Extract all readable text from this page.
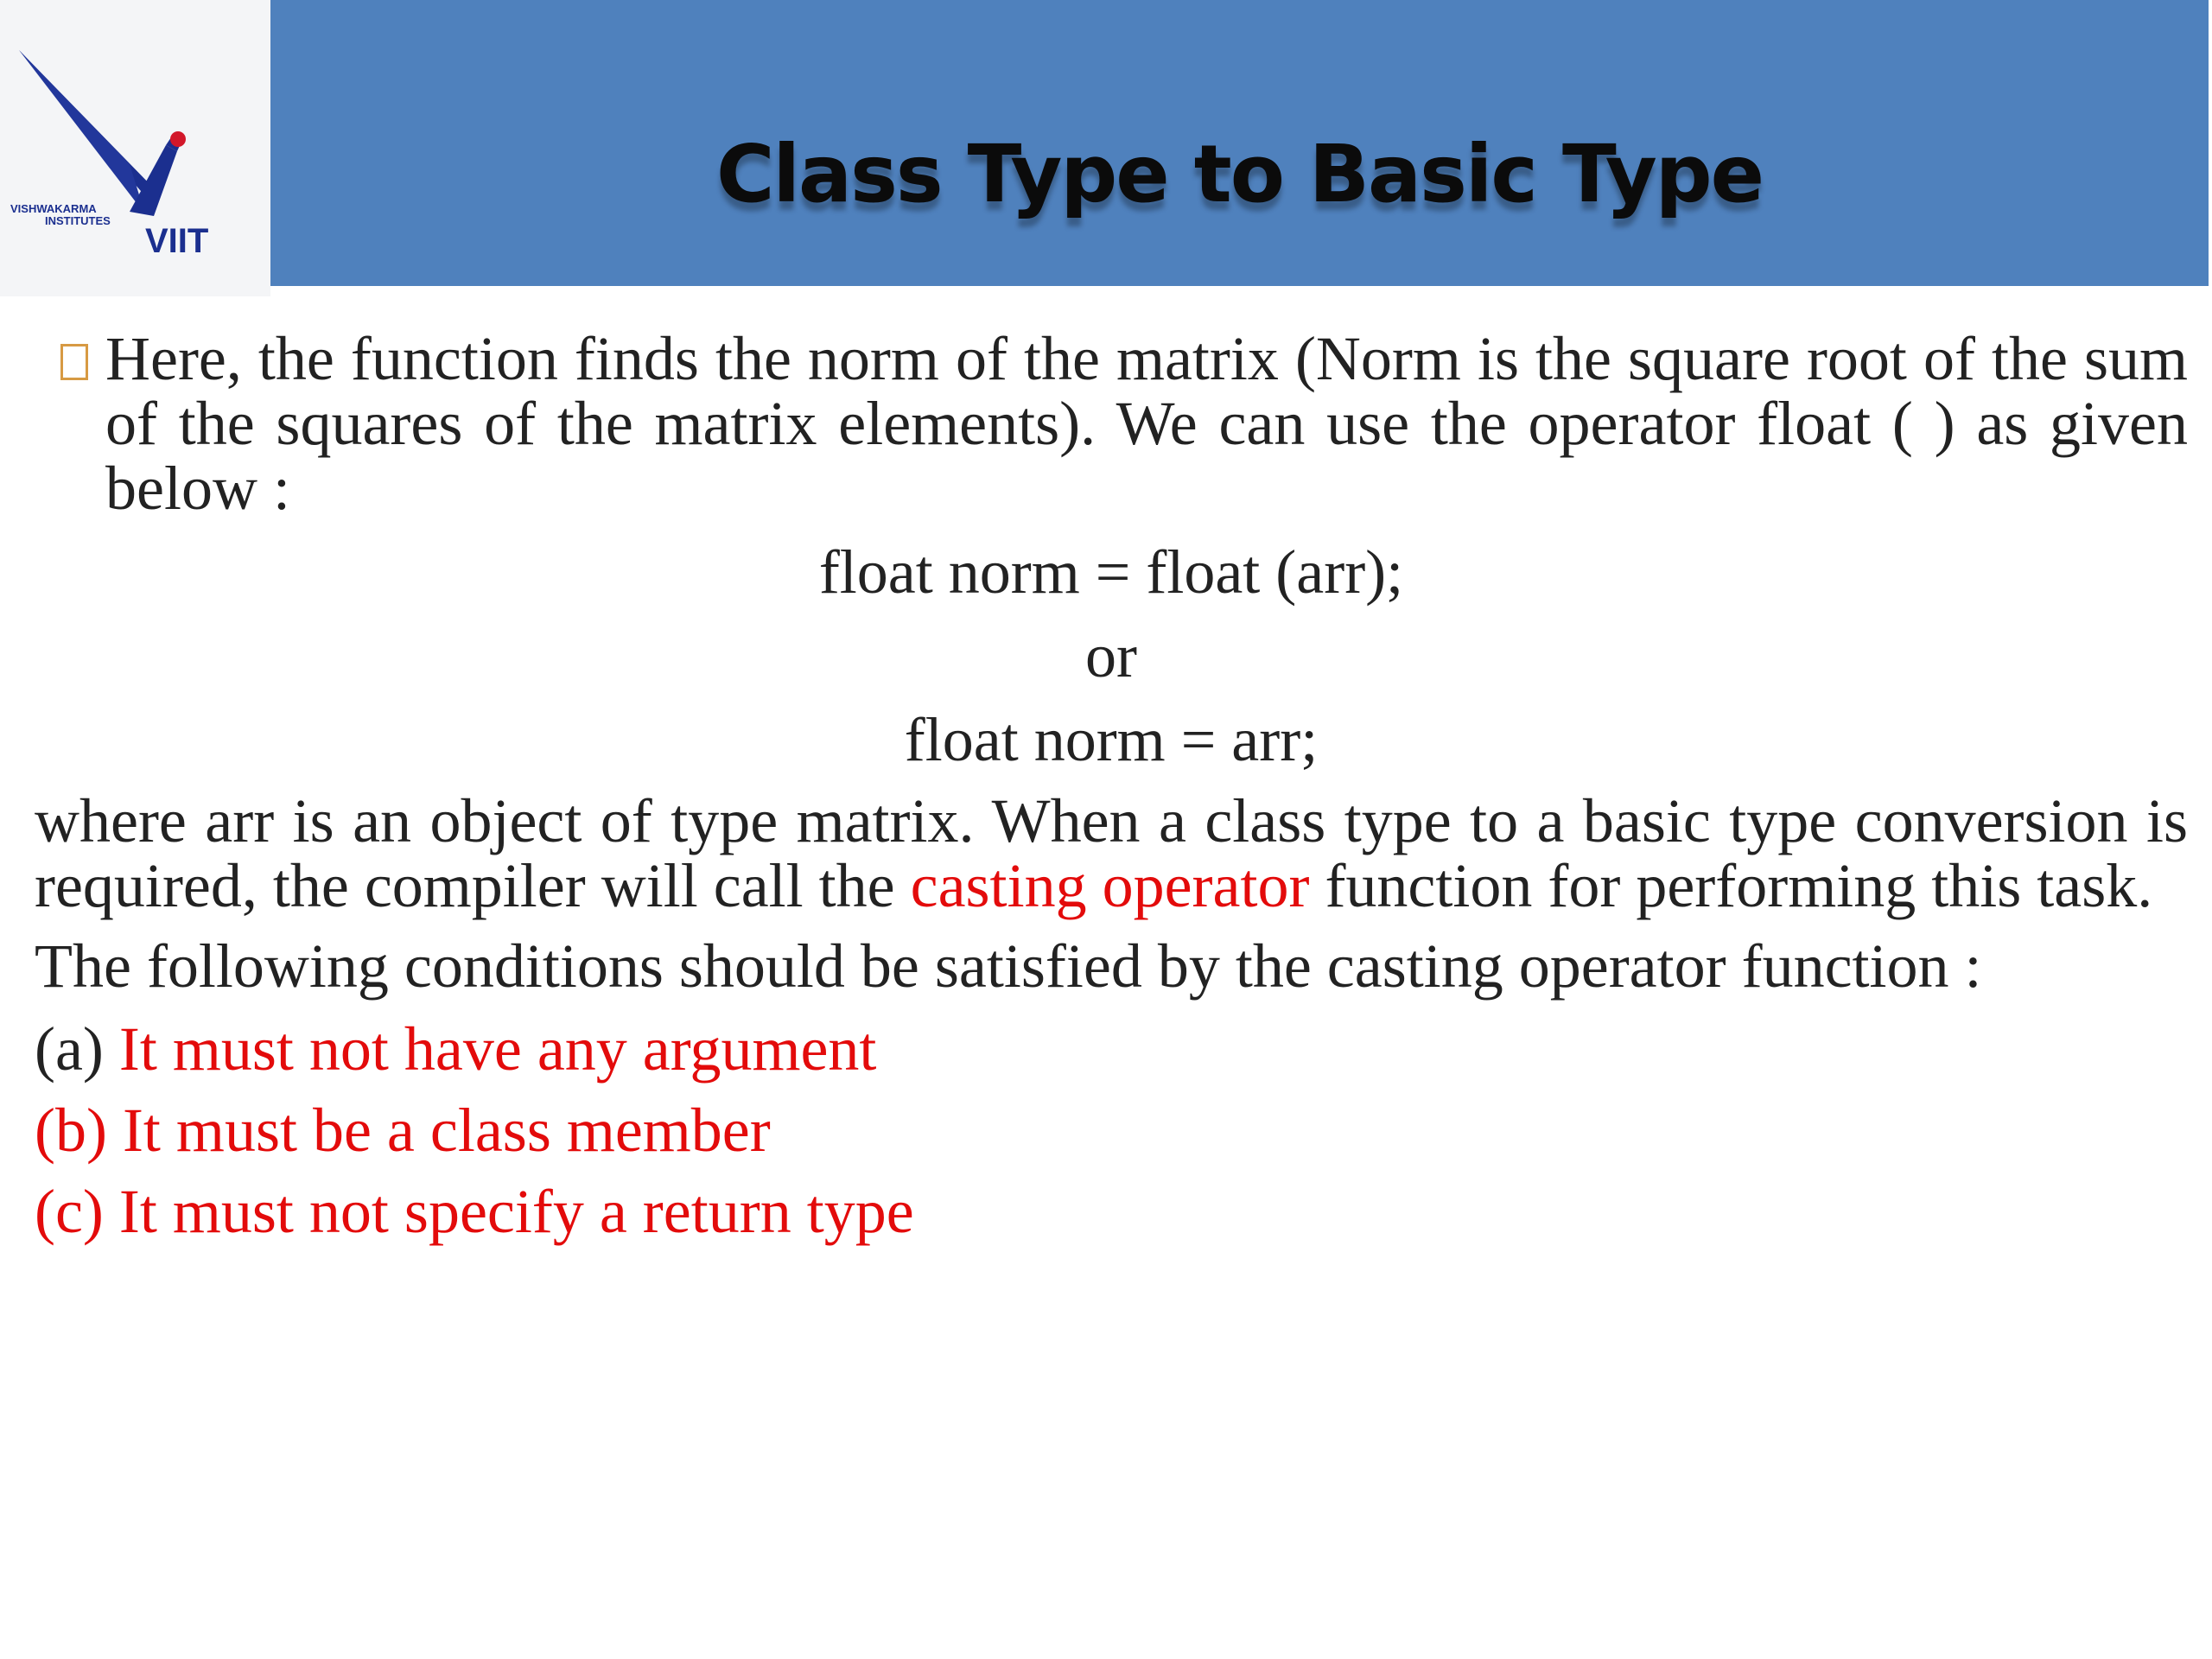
VISHWAKARMA
INSTITUTES
VIIT
Class Type to Basic Type
Here, the function finds the norm of the matrix (Norm is the square root of the sum of the squares of the matrix elements). We can use the operator float ( ) as given below :
float norm = float (arr);
or
float norm = arr;
where arr is an object of type matrix. When a class type to a basic type conversion is required, the compiler will call the casting operator function for performing this task.
The following conditions should be satisfied by the casting operator function :
(a) It must not have any argument
(b) It must be a class member
(c) It must not specify a return type
